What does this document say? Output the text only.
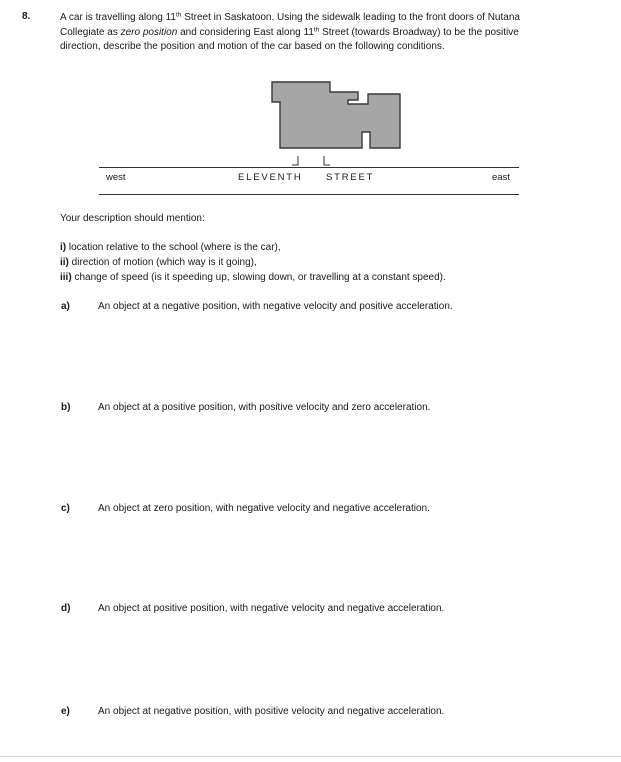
8.	A car is travelling along 11th Street in Saskatoon. Using the sidewalk leading to the front doors of Nutana
Collegiate as zero position and considering East along 11th Street (towards Broadway) to be the positive
direction, describe the position and motion of the car based on the following conditions.
west	ELEVENTH STREET	east
Your description should mention:
i) location relative to the school (where is the car),
ii) direction of motion (which way is it going),
iii) change of speed (is it speeding up, slowing down, or travelling at a constant speed).
a)	An object at a negative position, with negative velocity and positive acceleration.
b)	An object at a positive position, with positive velocity and zero acceleration.
c)	An object at zero position, with negative velocity and negative acceleration.
d)	An object at positive position, with negative velocity and negative acceleration.
e)	An object at negative position, with positive velocity and negative acceleration.
